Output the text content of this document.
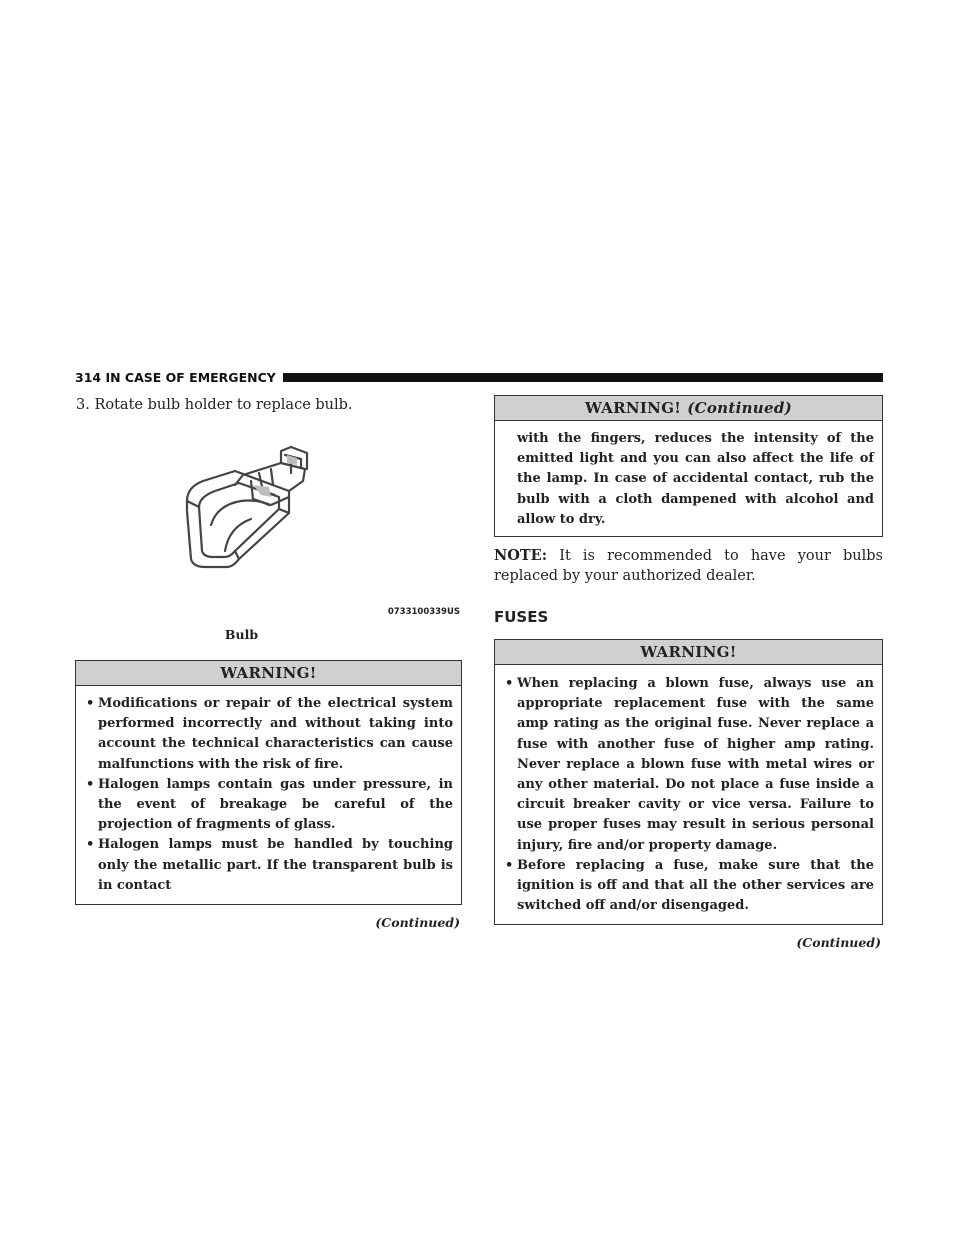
314 IN CASE OF EMERGENCY

3. Rotate bulb holder to replace bulb.

0733100339US

Bulb

WARNING!
• Modifications or repair of the electrical system performed incorrectly and without taking into account the technical characteristics can cause malfunctions with the risk of fire.
• Halogen lamps contain gas under pressure, in the event of breakage be careful of the projection of fragments of glass.
• Halogen lamps must be handled by touching only the metallic part. If the transparent bulb is in contact
(Continued)
WARNING! (Continued)

with the fingers, reduces the intensity of the emitted light and you can also affect the life of the lamp. In case of accidental contact, rub the bulb with a cloth dampened with alcohol and allow to dry.

NOTE: It is recommended to have your bulbs replaced by your authorized dealer.

FUSES
WARNING!
• When replacing a blown fuse, always use an appropriate replacement fuse with the same amp rating as the original fuse. Never replace a fuse with another fuse of higher amp rating. Never replace a blown fuse with metal wires or any other material. Do not place a fuse inside a circuit breaker cavity or vice versa. Failure to use proper fuses may result in serious personal injury, fire and/or property damage.
• Before replacing a fuse, make sure that the ignition is off and that all the other services are switched off and/or disengaged.
(Continued)
